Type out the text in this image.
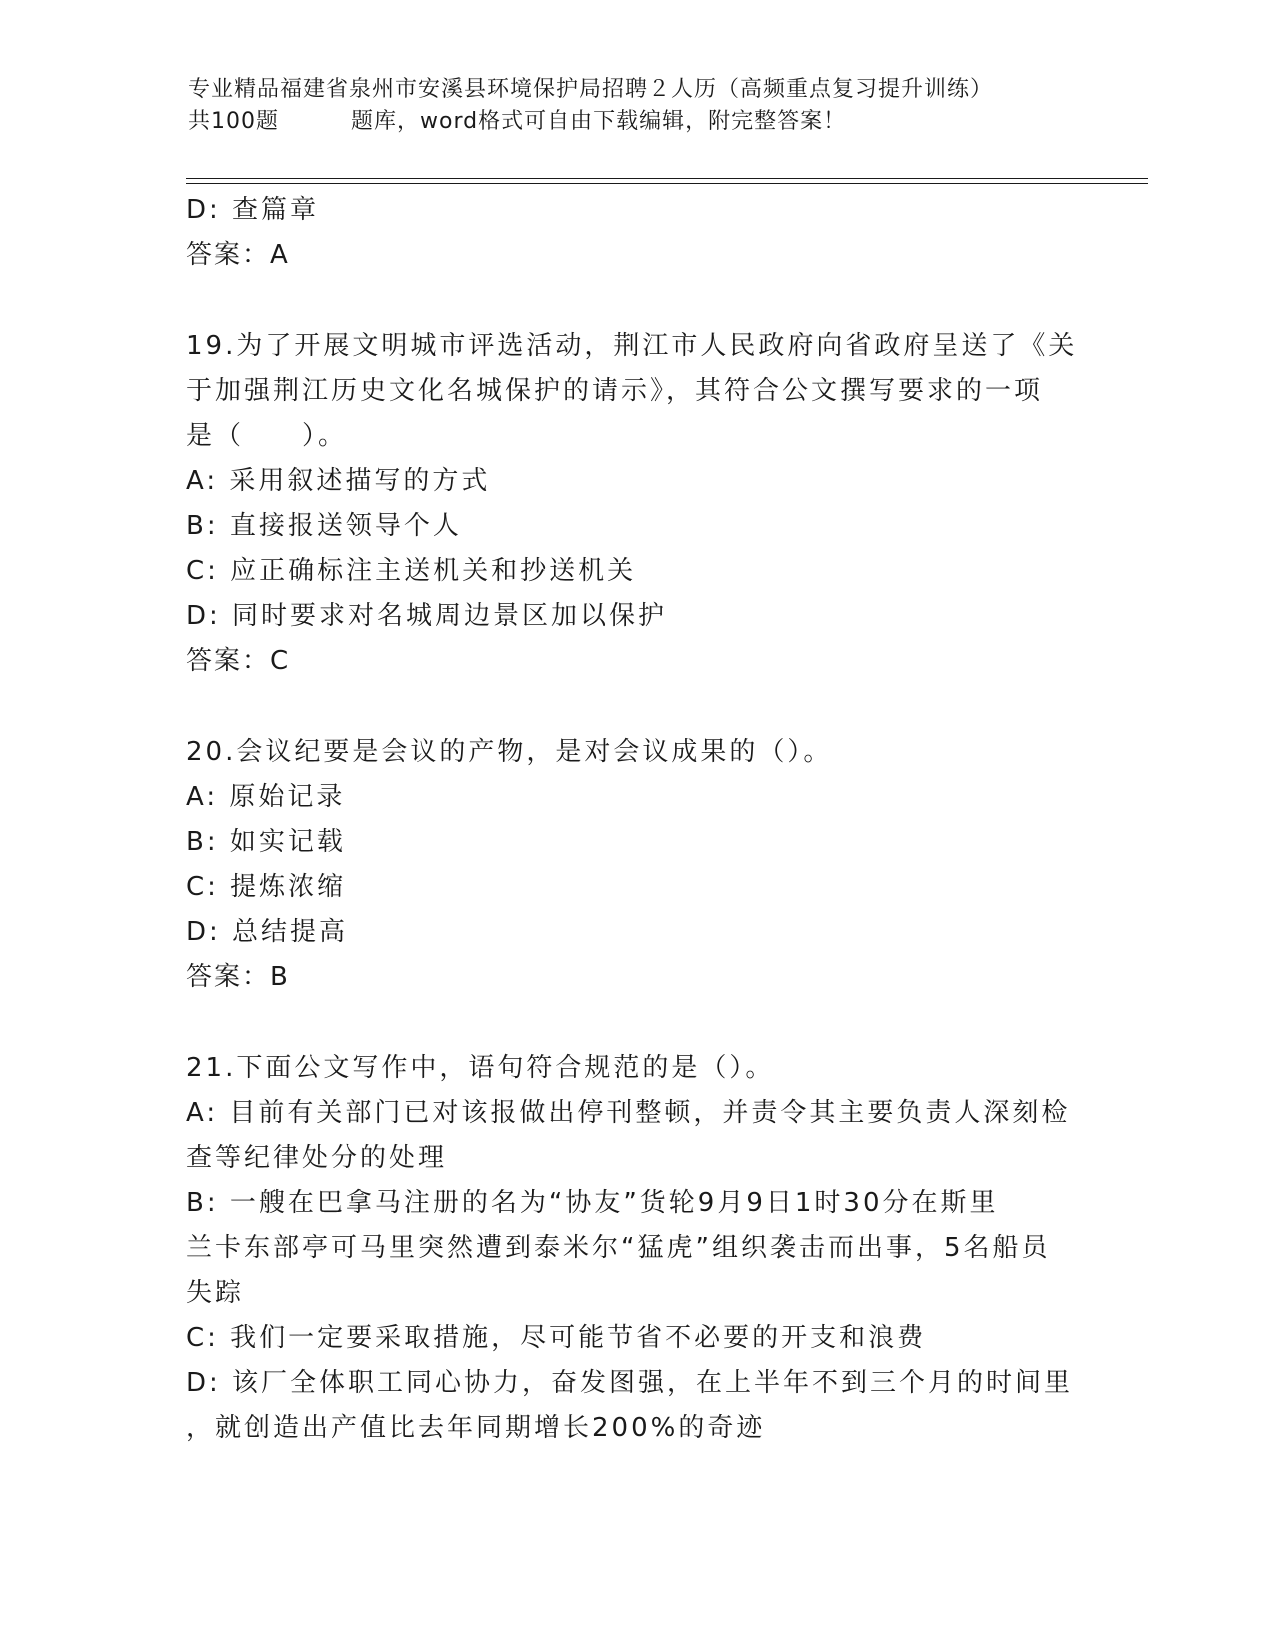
专业精品福建省泉州市安溪县环境保护局招聘２人历（高频重点复习提升训练）
共100题	题库，word格式可自由下载编辑，附完整答案！
D: 查篇章
答案：A
19.为了开展文明城市评选活动，荆江市人民政府向省政府呈送了《关
于加强荆江历史文化名城保护的请示》，其符合公文撰写要求的一项
是（　　）。
A: 采用叙述描写的方式
B: 直接报送领导个人
C: 应正确标注主送机关和抄送机关
D: 同时要求对名城周边景区加以保护
答案：C
20.会议纪要是会议的产物，是对会议成果的（）。
A: 原始记录
B: 如实记载
C: 提炼浓缩
D: 总结提高
答案：B
21.下面公文写作中，语句符合规范的是（）。
A: 目前有关部门已对该报做出停刊整顿，并责令其主要负责人深刻检
查等纪律处分的处理
B: 一艘在巴拿马注册的名为“协友”货轮9月9日1时30分在斯里
兰卡东部亭可马里突然遭到泰米尔“猛虎”组织袭击而出事，5名船员
失踪
C: 我们一定要采取措施，尽可能节省不必要的开支和浪费
D: 该厂全体职工同心协力，奋发图强，在上半年不到三个月的时间里
，就创造出产值比去年同期增长200%的奇迹
